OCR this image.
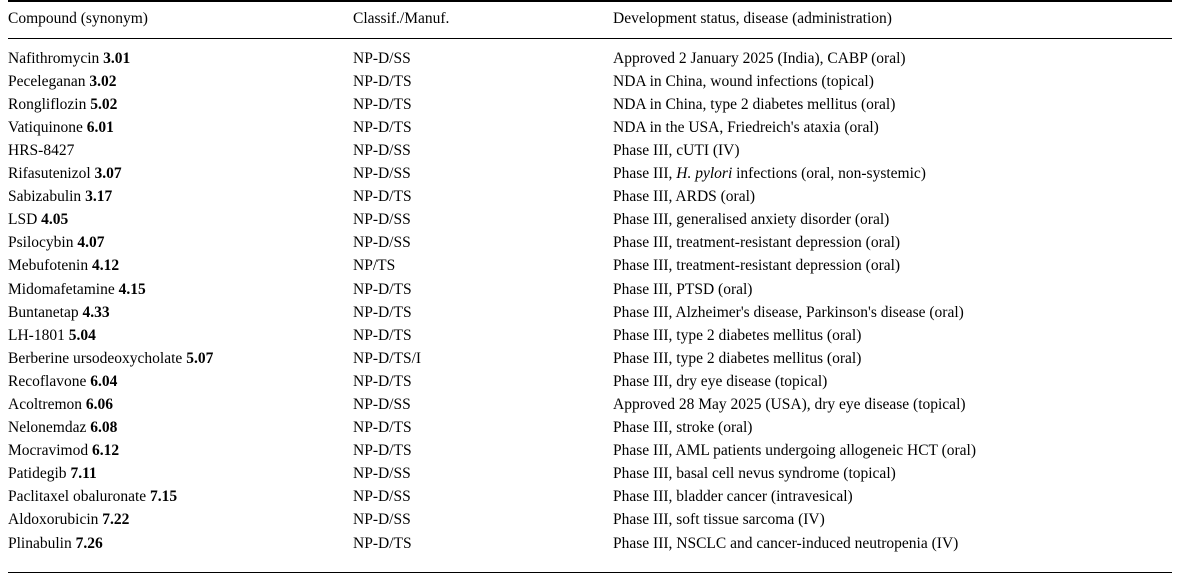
Compound (synonym)	Classif./Manuf.	Development status, disease (administration)
Nafithromycin 3.01	NP-D/SS	Approved 2 January 2025 (India), CABP (oral)
Peceleganan 3.02	NP-D/TS	NDA in China, wound infections (topical)
Rongliflozin 5.02	NP-D/TS	NDA in China, type 2 diabetes mellitus (oral)
Vatiquinone 6.01	NP-D/TS	NDA in the USA, Friedreich's ataxia (oral)
HRS-8427	NP-D/SS	Phase III, cUTI (IV)
Rifasutenizol 3.07	NP-D/SS	Phase III, H. pylori infections (oral, non-systemic)
Sabizabulin 3.17	NP-D/TS	Phase III, ARDS (oral)
LSD 4.05	NP-D/SS	Phase III, generalised anxiety disorder (oral)
Psilocybin 4.07	NP-D/SS	Phase III, treatment-resistant depression (oral)
Mebufotenin 4.12	NP/TS	Phase III, treatment-resistant depression (oral)
Midomafetamine 4.15	NP-D/TS	Phase III, PTSD (oral)
Buntanetap 4.33	NP-D/TS	Phase III, Alzheimer's disease, Parkinson's disease (oral)
LH-1801 5.04	NP-D/TS	Phase III, type 2 diabetes mellitus (oral)
Berberine ursodeoxycholate 5.07	NP-D/TS/I	Phase III, type 2 diabetes mellitus (oral)
Recoflavone 6.04	NP-D/TS	Phase III, dry eye disease (topical)
Acoltremon 6.06	NP-D/SS	Approved 28 May 2025 (USA), dry eye disease (topical)
Nelonemdaz 6.08	NP-D/TS	Phase III, stroke (oral)
Mocravimod 6.12	NP-D/TS	Phase III, AML patients undergoing allogeneic HCT (oral)
Patidegib 7.11	NP-D/SS	Phase III, basal cell nevus syndrome (topical)
Paclitaxel obaluronate 7.15	NP-D/SS	Phase III, bladder cancer (intravesical)
Aldoxorubicin 7.22	NP-D/SS	Phase III, soft tissue sarcoma (IV)
Plinabulin 7.26	NP-D/TS	Phase III, NSCLC and cancer-induced neutropenia (IV)
